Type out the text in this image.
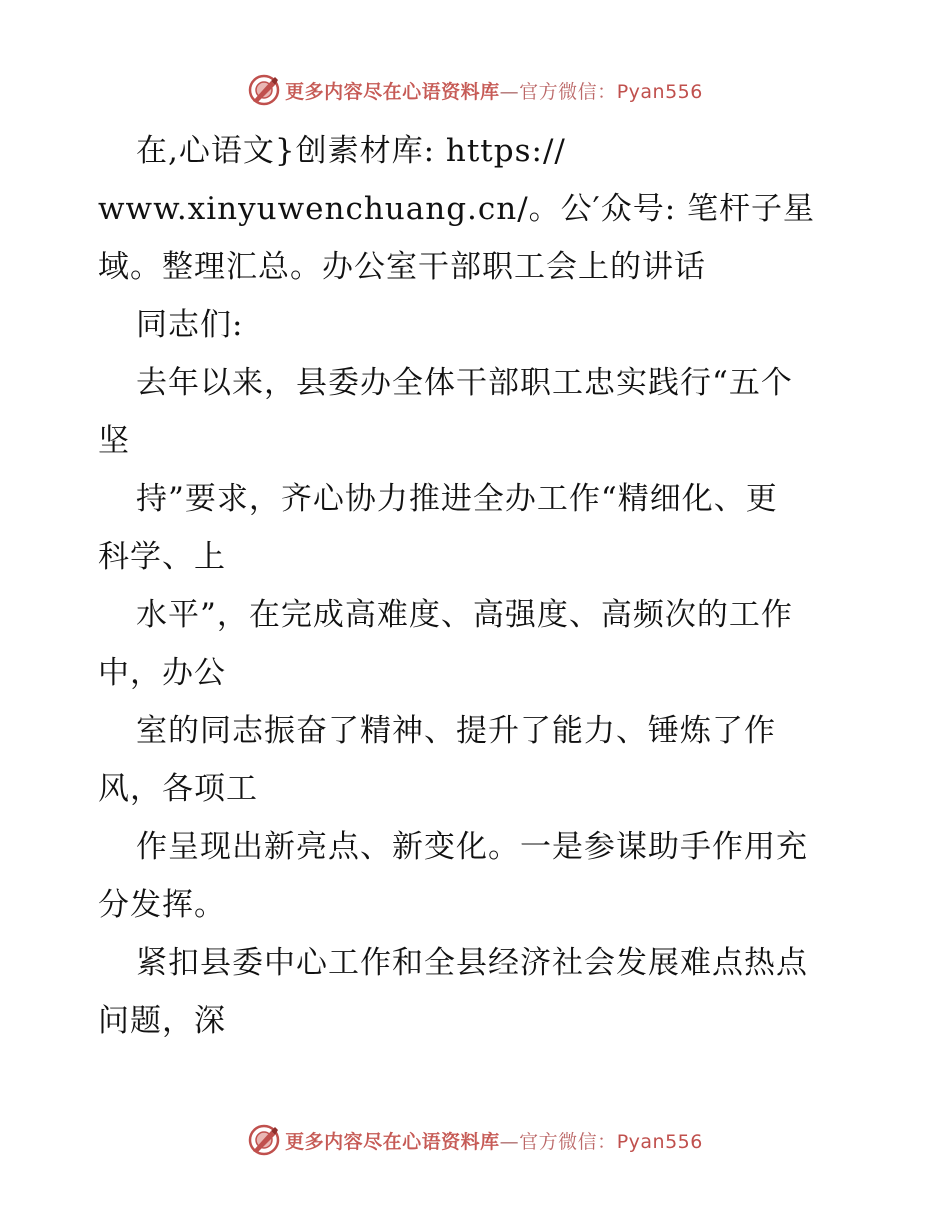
更多内容尽在心语资料库—官方微信：Pyan556
在,心语文}创素材库: https://
www.xinyuwenchuang.cn/。公′众号: 笔杆子星
域。整理汇总。办公室干部职工会上的讲话
同志们:
去年以来，县委办全体干部职工忠实践行“五个
坚
持”要求，齐心协力推进全办工作“精细化、更
科学、上
水平”，在完成高难度、高强度、高频次的工作
中，办公
室的同志振奋了精神、提升了能力、锤炼了作
风，各项工
作呈现出新亮点、新变化。一是参谋助手作用充
分发挥。
紧扣县委中心工作和全县经济社会发展难点热点
问题，深
更多内容尽在心语资料库—官方微信：Pyan556
